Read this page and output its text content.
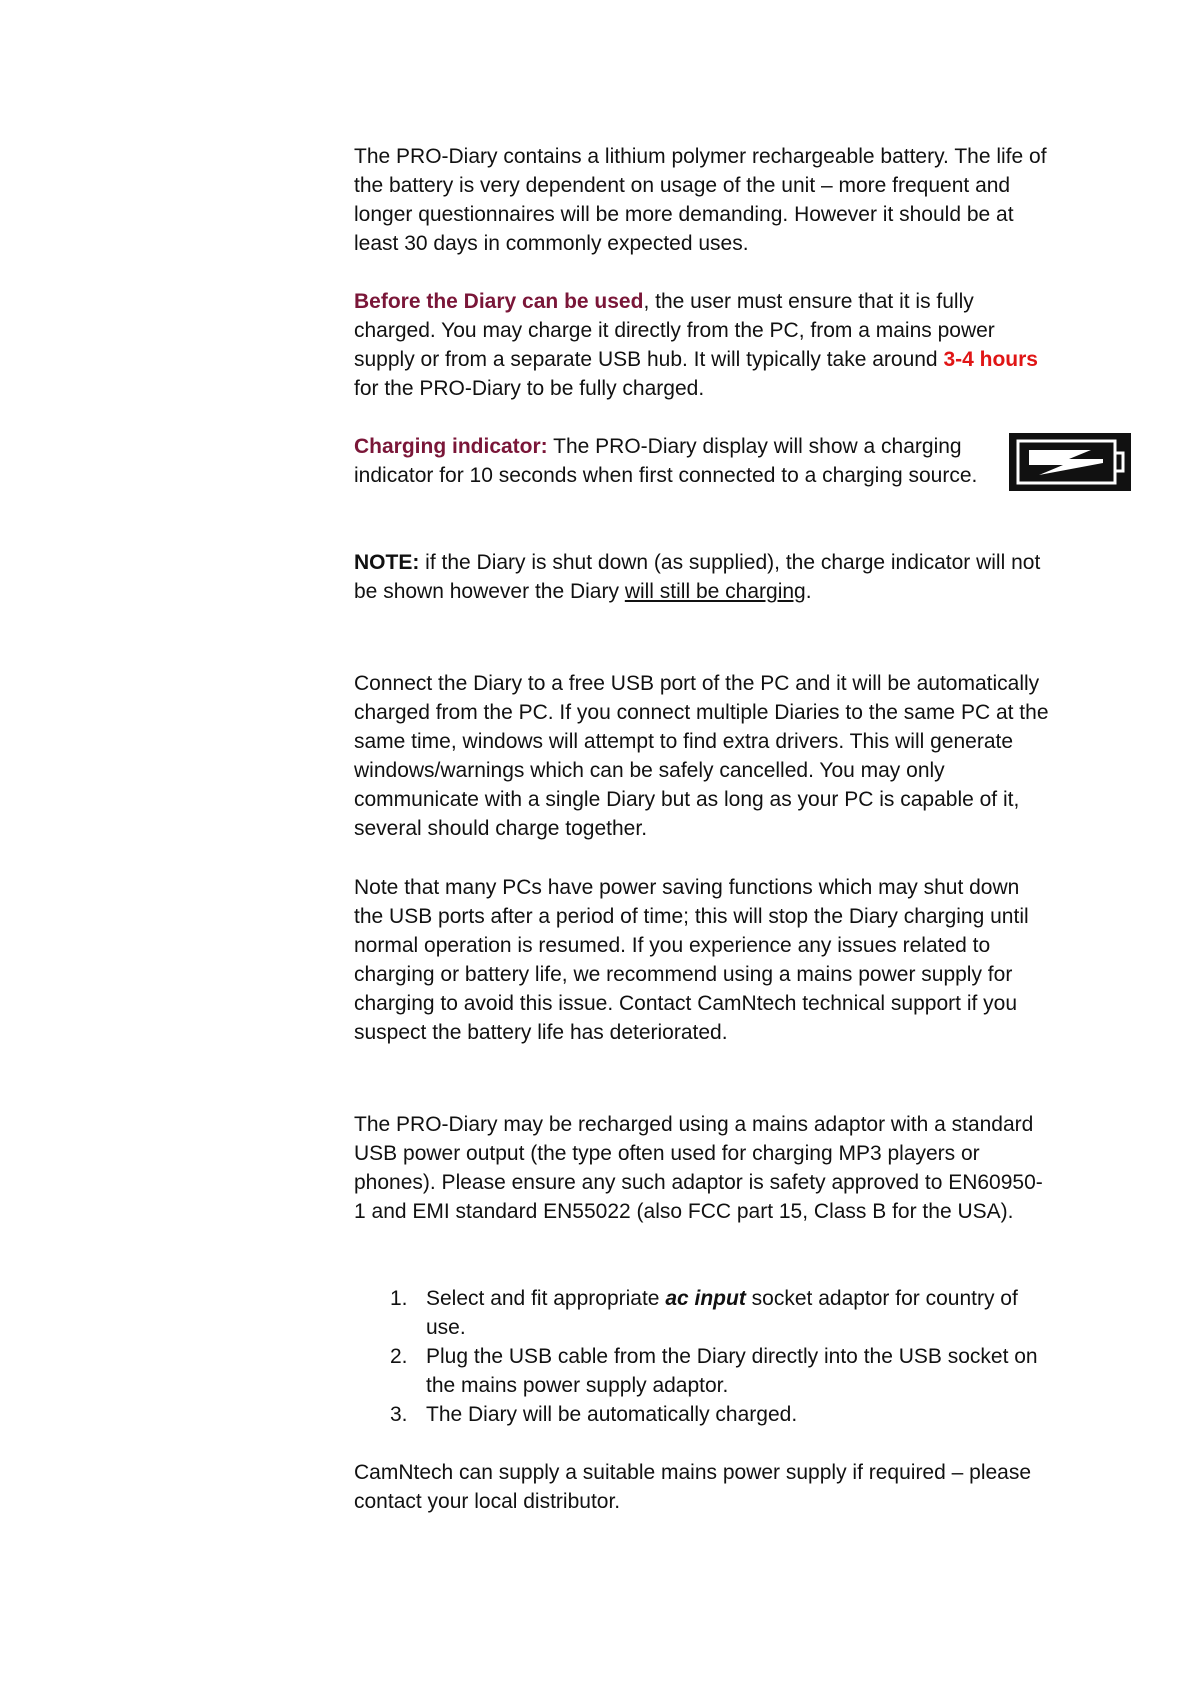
The PRO-Diary contains a lithium polymer rechargeable battery. The life of the battery is very dependent on usage of the unit – more frequent and longer questionnaires will be more demanding. However it should be at least 30 days in commonly expected uses.

Before the Diary can be used, the user must ensure that it is fully charged. You may charge it directly from the PC, from a mains power supply or from a separate USB hub. It will typically take around 3-4 hours for the PRO-Diary to be fully charged.

Charging indicator: The PRO-Diary display will show a charging indicator for 10 seconds when first connected to a charging source.

NOTE: if the Diary is shut down (as supplied), the charge indicator will not be shown however the Diary will still be charging.

Connect the Diary to a free USB port of the PC and it will be automatically charged from the PC. If you connect multiple Diaries to the same PC at the same time, windows will attempt to find extra drivers. This will generate windows/warnings which can be safely cancelled. You may only communicate with a single Diary but as long as your PC is capable of it, several should charge together.

Note that many PCs have power saving functions which may shut down the USB ports after a period of time; this will stop the Diary charging until normal operation is resumed. If you experience any issues related to charging or battery life, we recommend using a mains power supply for charging to avoid this issue. Contact CamNtech technical support if you suspect the battery life has deteriorated.

The PRO-Diary may be recharged using a mains adaptor with a standard USB power output (the type often used for charging MP3 players or phones). Please ensure any such adaptor is safety approved to EN60950-1 and EMI standard EN55022 (also FCC part 15, Class B for the USA).

1. Select and fit appropriate ac input socket adaptor for country of use.
2. Plug the USB cable from the Diary directly into the USB socket on the mains power supply adaptor.
3. The Diary will be automatically charged.

CamNtech can supply a suitable mains power supply if required – please contact your local distributor.
